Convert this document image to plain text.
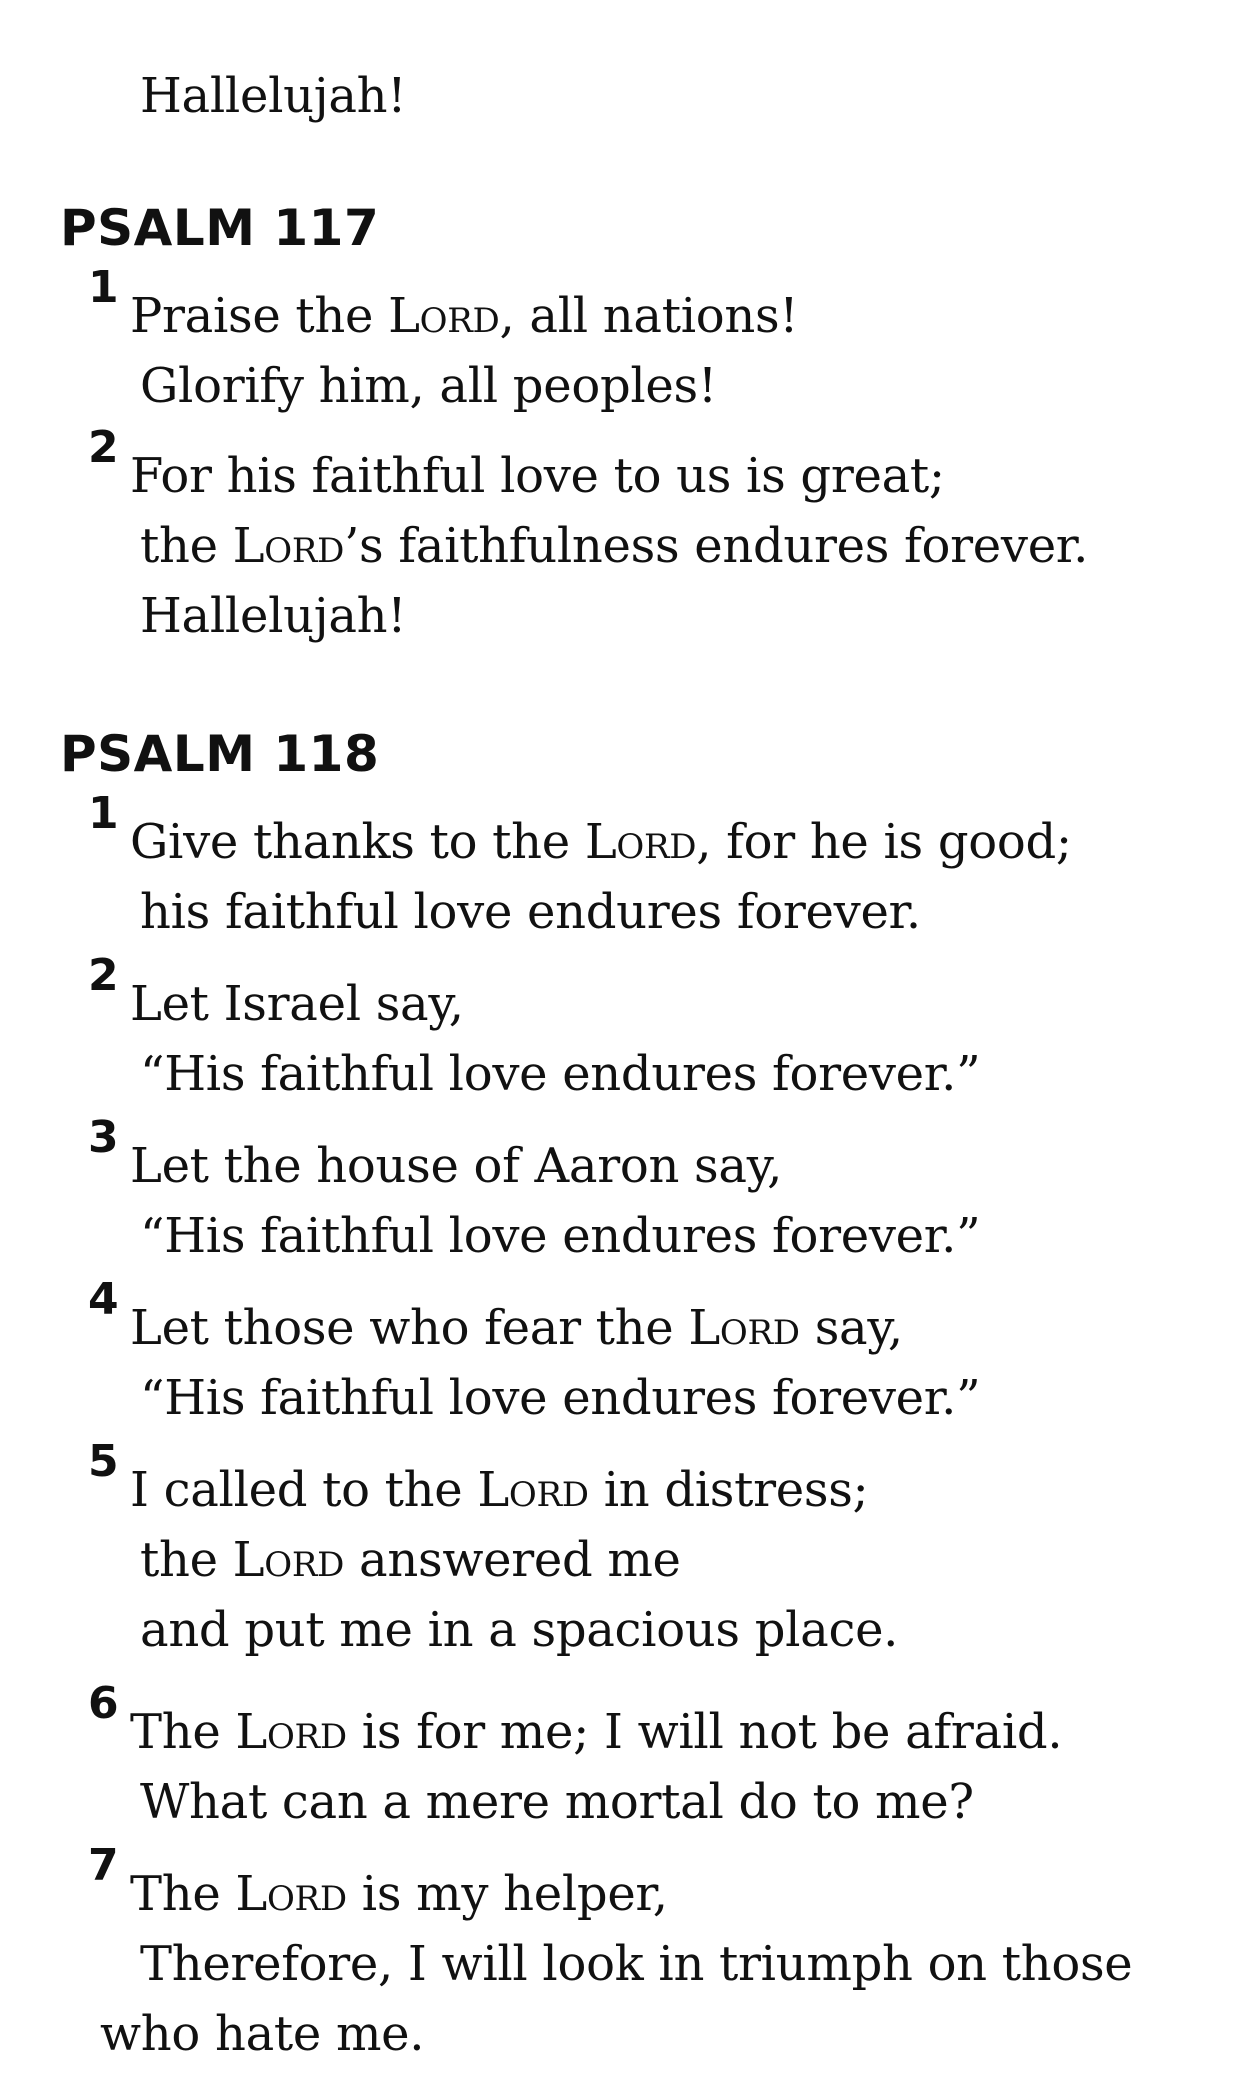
Hallelujah!
PSALM 117
1
Praise the Lord, all nations!
Glorify him, all peoples!
2
For his faithful love to us is great;
the Lord’s faithfulness endures forever.
Hallelujah!
PSALM 118
1
Give thanks to the Lord, for he is good;
his faithful love endures forever.
2
Let Israel say,
“His faithful love endures forever.”
3
Let the house of Aaron say,
“His faithful love endures forever.”
4
Let those who fear the Lord say,
“His faithful love endures forever.”
5
I called to the Lord in distress;
the Lord answered me
and put me in a spacious place.
6
The Lord is for me; I will not be afraid.
What can a mere mortal do to me?
7
The Lord is my helper,
Therefore, I will look in triumph on those
who hate me.
